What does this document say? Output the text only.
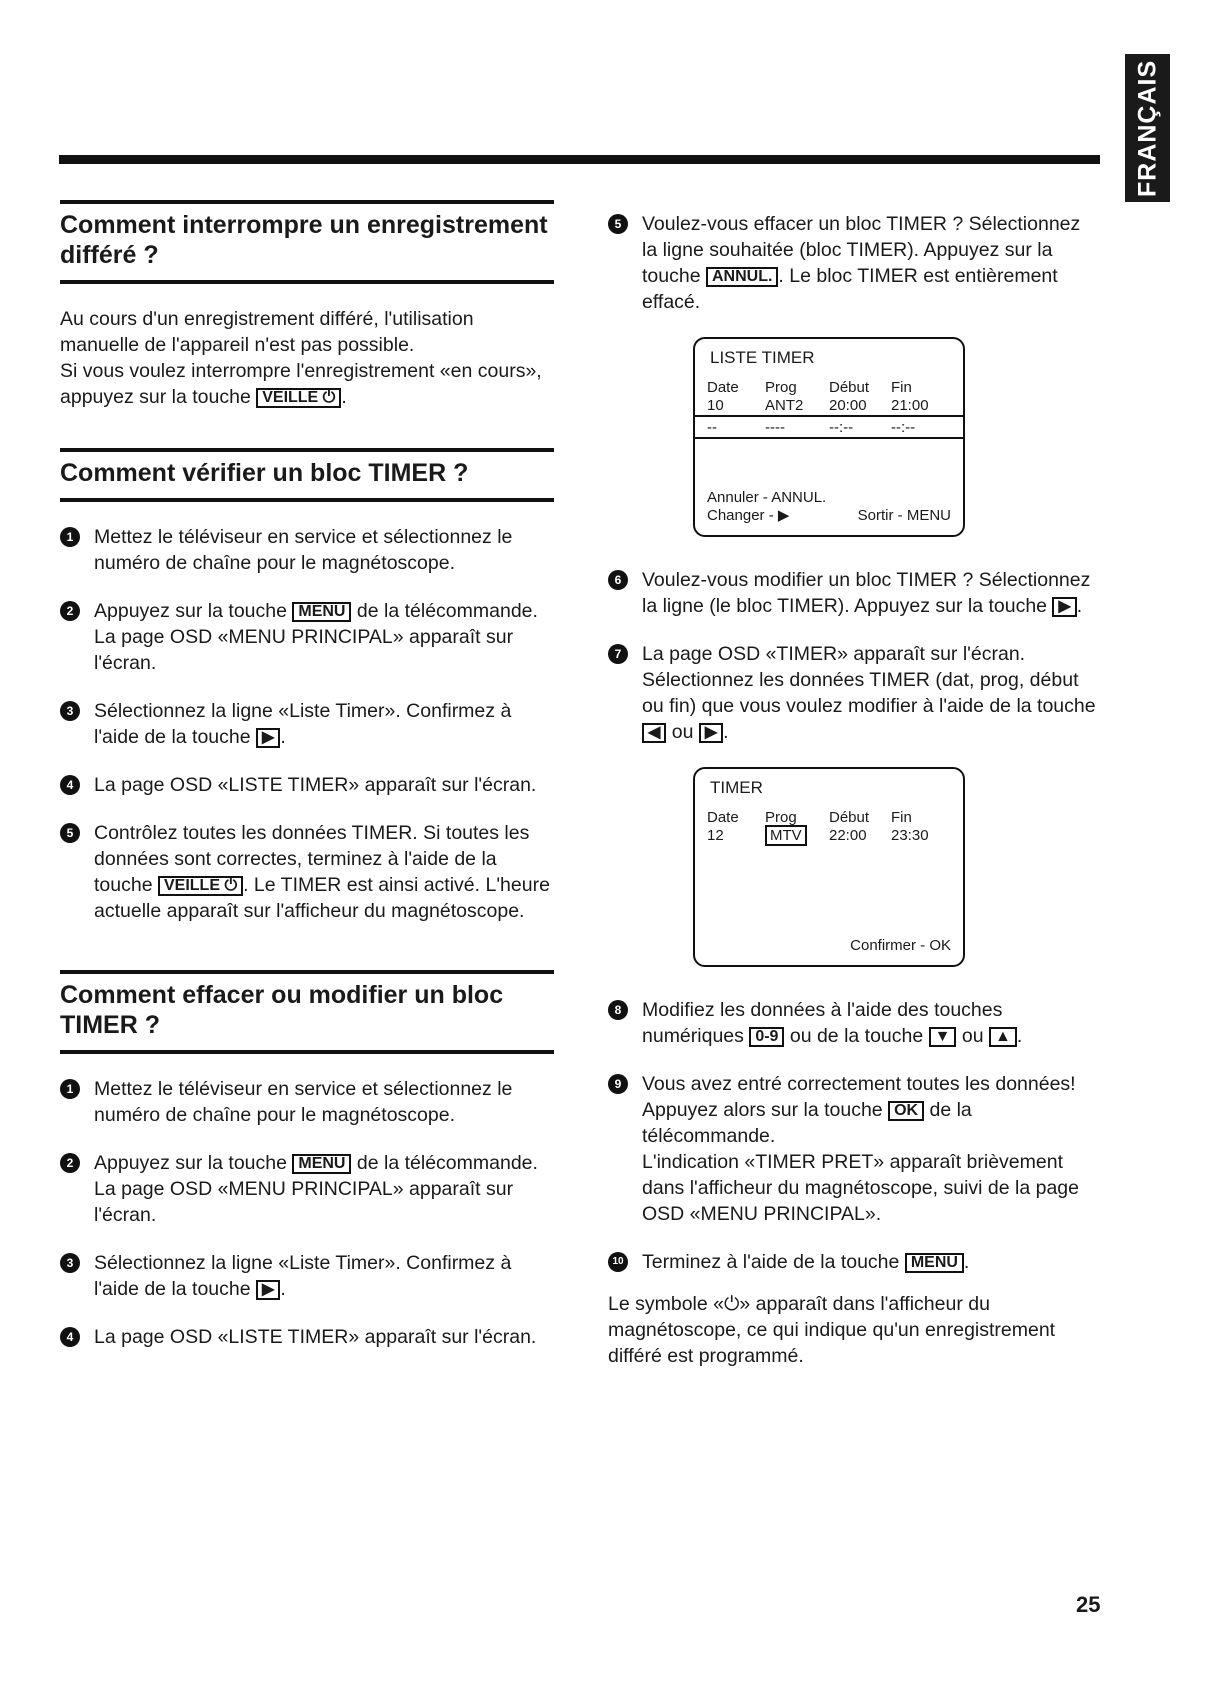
FRANÇAIS
Comment interrompre un enregistrement différé ?

Au cours d'un enregistrement différé, l'utilisation manuelle de l'appareil n'est pas possible.
Si vous voulez interrompre l'enregistrement «en cours», appuyez sur la touche VEILLE ⏻ .

Comment vérifier un bloc TIMER ?
1	Mettez le téléviseur en service et sélectionnez le numéro de chaîne pour le magnétoscope.
2	Appuyez sur la touche MENU de la télécommande. La page OSD «MENU PRINCIPAL» apparaît sur l'écran.
3	Sélectionnez la ligne «Liste Timer». Confirmez à l'aide de la touche ▶ .
4	La page OSD «LISTE TIMER» apparaît sur l'écran.
5	Contrôlez toutes les données TIMER. Si toutes les données sont correctes, terminez à l'aide de la touche VEILLE ⏻ . Le TIMER est ainsi activé. L'heure actuelle apparaît sur l'afficheur du magnétoscope.
Comment effacer ou modifier un bloc TIMER ?
1	Mettez le téléviseur en service et sélectionnez le numéro de chaîne pour le magnétoscope.
2	Appuyez sur la touche MENU de la télécommande. La page OSD «MENU PRINCIPAL» apparaît sur l'écran.
3	Sélectionnez la ligne «Liste Timer». Confirmez à l'aide de la touche ▶ .
4	La page OSD «LISTE TIMER» apparaît sur l'écran.
5	Voulez-vous effacer un bloc TIMER ? Sélectionnez la ligne souhaitée (bloc TIMER). Appuyez sur la touche ANNUL. . Le bloc TIMER est entièrement effacé.
LISTE TIMER
Date	Prog	Début	Fin
10	ANT2	20:00	21:00
--	----	--:--	--:--
Annuler - ANNUL.
Changer - ▶	Sortir - MENU
6	Voulez-vous modifier un bloc TIMER ? Sélectionnez la ligne (le bloc TIMER). Appuyez sur la touche ▶ .
7	La page OSD «TIMER» apparaît sur l'écran. Sélectionnez les données TIMER (dat, prog, début ou fin) que vous voulez modifier à l'aide de la touche ◀ ou ▶ .
TIMER
Date	Prog	Début	Fin
12	MTV	22:00	23:30
Confirmer - OK
8	Modifiez les données à l'aide des touches numériques 0-9 ou de la touche ▼ ou ▲ .
9	Vous avez entré correctement toutes les données! Appuyez alors sur la touche OK de la télécommande.
L'indication «TIMER PRET» apparaît brièvement dans l'afficheur du magnétoscope, suivi de la page OSD «MENU PRINCIPAL».
10 Terminez à l'aide de la touche MENU .

Le symbole «⏻» apparaît dans l'afficheur du magnétoscope, ce qui indique qu'un enregistrement différé est programmé.

25
